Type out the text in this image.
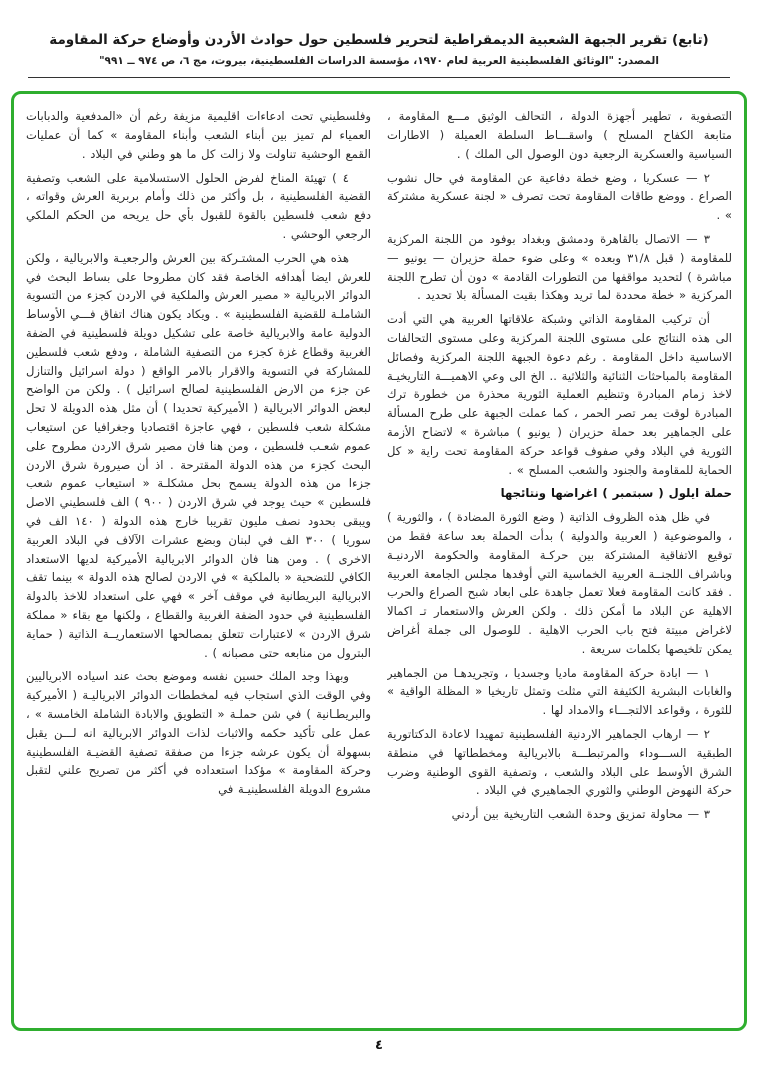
(تابع) تقرير الجبهة الشعبية الديمقراطية لتحرير فلسطين حول حوادث الأردن وأوضاع حركة المقاومة
المصدر: "الوثائق الفلسطينية العربية لعام ١٩٧٠، مؤسسة الدراسات الفلسطينية، بيروت، مج ٦، ص ٩٧٤ ــ ٩٩١"

التصفوية ، تطهير أجهزة الدولة ، التحالف الوثيق مـــع المقاومة ، متابعة الكفاح المسلح ) واسقـــاط السلطة العميلة ( الاطارات السياسية والعسكرية الرجعية دون الوصول الى الملك ) .

٢ — عسكريا ، وضع خطة دفاعية عن المقاومة في حال نشوب الصراع . ووضع طاقات المقاومة تحت تصرف « لجنة عسكرية مشتركة » .

٣ — الاتصال بالقاهرة ودمشق وبغداد بوفود من اللجنة المركزية للمقاومة ( قبل ٣١/٨ وبعده » وعلى ضوء حملة حزيران — يونيو — مباشرة ) لتحديد مواقفها من التطورات القادمة » دون أن تطرح اللجنة المركزية « خطة محددة لما تريد وهكذا بقيت المسألة بلا تحديد .

أن تركيب المقاومة الذاتي وشبكة علاقاتها العربية هي التي أدت الى هذه النتائج على مستوى اللجنة المركزية وعلى مستوى التحالفات الاساسية داخل المقاومة . رغم دعوة الجبهة اللجنة المركزية وفصائل المقاومة بالمباحثات الثنائية والثلاثية .. الخ الى وعي الاهميـــة التاريخيـة لاخذ زمام المبادرة وتنظيم العملية الثورية محذرة من خطورة ترك المبادرة لوقت يمر تصر الحمر ، كما عملت الجبهة على طرح المسألة على الجماهير بعد حملة حزيران ( يونيو ) مباشرة » لاتضاح الأزمة الثورية في البلاد وفي صفوف قواعد حركة المقاومة تحت راية « كل الحماية للمقاومة والجنود والشعب المسلح » .

حملة ايلول ( سبتمبر ) اغراضها ونتائجها

في ظل هذه الظروف الذاتية ( وضع الثورة المضادة ) ، والثورية ) ، والموضوعية ( العربية والدولية ) بدأت الحملة بعد ساعة فقط من توقيع الاتفاقية المشتركة بين حركـة المقاومة والحكومة الاردنيـة وباشراف اللجنــة العربية الخماسية التي أوفدها مجلس الجامعة العربية . فقد كانت المقاومة فعلا تعمل جاهدة على ابعاد شبح الصراع والحرب الاهلية عن البلاد ما أمكن ذلك . ولكن العرش والاستعمار تـ اكمالا لاغراض مبيتة فتح باب الحرب الاهلية . للوصول الى جملة أغراض يمكن تلخيصها بكلمات سريعة .

١ — ابادة حركة المقاومة ماديا وجسديا ، وتجريدهـا من الجماهير والغابات البشرية الكثيفة التي مثلت وتمثل تاريخيا « المظلة الواقية » للثورة ، وقواعد الالتجـــاء والامداد لها .

٢ — ارهاب الجماهير الاردنية الفلسطينية تمهيدا لاعادة الدكتاتورية الطبقية الســـوداء والمرتبطـــة بالابريالية ومخططاتها في منطقة الشرق الأوسط على البلاد والشعب ، وتصفية القوى الوطنية وضرب حركة النهوض الوطني والثوري الجماهيري في البلاد .

٣ — محاولة تمزيق وحدة الشعب التاريخية بين أردني

وفلسطيني تحت ادعاءات اقليمية مزيفة رغم أن «المدفعية والدبابات العمياء لم تميز بين أبناء الشعب وأبناء المقاومة » كما أن عمليات القمع الوحشية تناولت ولا زالت كل ما هو وطني في البلاد .

٤ ) تهيئة المناخ لفرض الحلول الاستسلامية على الشعب وتصفية القضية الفلسطينية ، بل وأكثر من ذلك وأمام بربرية العرش وقواته ، دفع شعب فلسطين بالقوة للقبول بأي حل يريحه من الحكم الملكي الرجعي الوحشي .

هذه هي الحرب المشتـركة بين العرش والرجعيـة والابريالية ، ولكن للعرش ايضا أهدافه الخاصة فقد كان مطروحا على بساط البحث في الدوائر الابريالية « مصير العرش والملكية في الاردن كجزء من التسوية الشاملـة للقضية الفلسطينية » . ويكاد يكون هناك اتفاق فـــي الأوساط الدولية عامة والابريالية خاصة على تشكيل دويلة فلسطينية في الضفة الغربية وقطاع غزة كجزء من التصفية الشاملة ، ودفع شعب فلسطين للمشاركة في التسوية والاقرار بالامر الواقع ( دولة اسرائيل والتنازل عن جزء من الارض الفلسطينية لصالح اسرائيل ) . ولكن من الواضح لبعض الدوائر الابريالية ( الأميركية تحديدا ) أن مثل هذه الدويلة لا تحل مشكلة شعب فلسطين ، فهي عاجزة اقتصاديا وجغرافيا عن استيعاب عموم شعـب فلسطين ، ومن هنا فان مصير شرق الاردن مطروح على البحث كجزء من هذه الدولة المقترحة . اذ أن صيرورة شرق الاردن جزءا من هذه الدولة يسمح بحل مشكلـة « استيعاب عموم شعب فلسطين » حيث يوجد في شرق الاردن ( ٩٠٠ ) الف فلسطيني الاصل ويبقى بحدود نصف مليون تقريبا خارج هذه الدولة ( ١٤٠ الف في سوريا ) ٣٠٠ الف في لبنان وبضع عشرات الآلاف في البلاد العربية الاخرى ) . ومن هنا فان الدوائر الابريالية الأميركية لديها الاستعداد الكافي للتضحية « بالملكية » في الاردن لصالح هذه الدولة » بينما تقف الابريالية البريطانية في موقف آخر » فهي على استعداد للاخذ بالدولة الفلسطينية في حدود الضفة الغربية والقطاع ، ولكنها مع بقاء « مملكة شرق الاردن » لاعتبارات تتعلق بمصالحها الاستعماريــة الذاتية ( حماية البترول من منابعه حتى مصبانه ) .

وبهذا وجد الملك حسين نفسه وموضع بحث عند اسياده الابرياليين وفي الوقت الذي استجاب فيه لمخططات الدوائر الابرياليـة ( الأميركية والبريطـانية ) في شن حملـة « التطويق والابادة الشاملة الخامسة » ، عمل على تأكيد حكمه والاثبات لذات الدوائر الابريالية انه لـــن يقبل بسهولة أن يكون عرشه جزءا من صفقة تصفية القضيـة الفلسطينية وحركة المقاومة » مؤكدا استعداده في أكثر من تصريح علني لتقبل مشروع الدويلة الفلسطينيـة في

٤
